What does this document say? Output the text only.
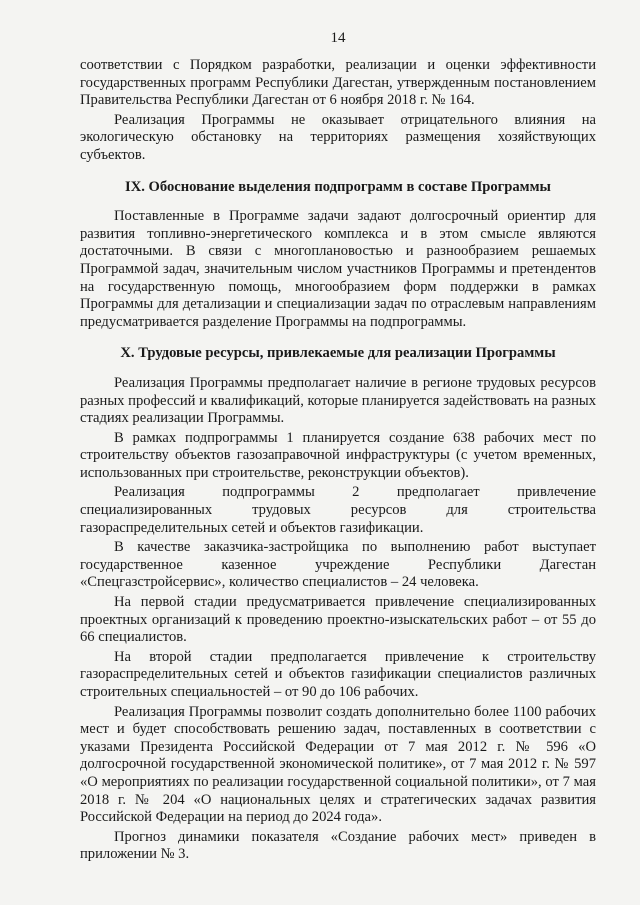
14

соответствии с Порядком разработки, реализации и оценки эффективности государственных программ Республики Дагестан, утвержденным постановлением Правительства Республики Дагестан от 6 ноября 2018 г. № 164.

Реализация Программы не оказывает отрицательного влияния на экологическую обстановку на территориях размещения хозяйствующих субъектов.

IX. Обоснование выделения подпрограмм в составе Программы

Поставленные в Программе задачи задают долгосрочный ориентир для развития топливно-энергетического комплекса и в этом смысле являются достаточными. В связи с многоплановостью и разнообразием решаемых Программой задач, значительным числом участников Программы и претендентов на государственную помощь, многообразием форм поддержки в рамках Программы для детализации и специализации задач по отраслевым направлениям предусматривается разделение Программы на подпрограммы.

X. Трудовые ресурсы, привлекаемые для реализации Программы

Реализация Программы предполагает наличие в регионе трудовых ресурсов разных профессий и квалификаций, которые планируется задействовать на разных стадиях реализации Программы.

В рамках подпрограммы 1 планируется создание 638 рабочих мест по строительству объектов газозаправочной инфраструктуры (с учетом временных, использованных при строительстве, реконструкции объектов).

Реализация подпрограммы 2 предполагает привлечение специализированных трудовых ресурсов для строительства газораспределительных сетей и объектов газификации.

В качестве заказчика-застройщика по выполнению работ выступает государственное казенное учреждение Республики Дагестан «Спецгазстройсервис», количество специалистов – 24 человека.

На первой стадии предусматривается привлечение специализированных проектных организаций к проведению проектно-изыскательских работ – от 55 до 66 специалистов.

На второй стадии предполагается привлечение к строительству газораспределительных сетей и объектов газификации специалистов различных строительных специальностей – от 90 до 106 рабочих.

Реализация Программы позволит создать дополнительно более 1100 рабочих мест и будет способствовать решению задач, поставленных в соответствии с указами Президента Российской Федерации от 7 мая 2012 г. № 596 «О долгосрочной государственной экономической политике», от 7 мая 2012 г. № 597 «О мероприятиях по реализации государственной социальной политики», от 7 мая 2018 г. № 204 «О национальных целях и стратегических задачах развития Российской Федерации на период до 2024 года».

Прогноз динамики показателя «Создание рабочих мест» приведен в приложении № 3.
